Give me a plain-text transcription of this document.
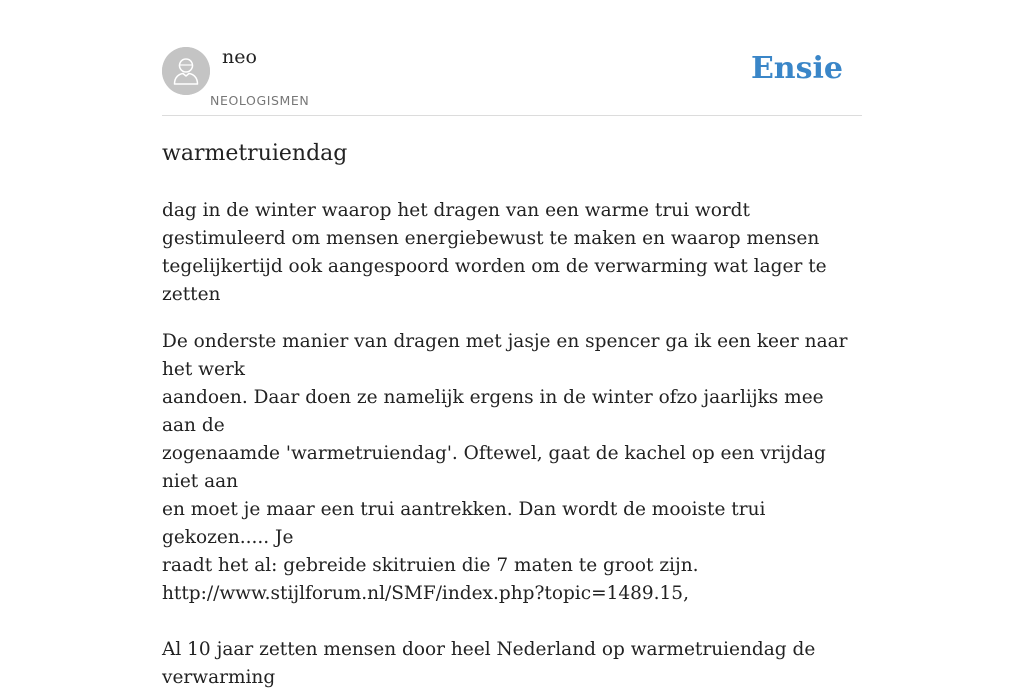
neo
NEOLOGISMEN
Ensie
warmetruiendag

dag in de winter waarop het dragen van een warme trui wordt gestimuleerd om mensen energiebewust te maken en waarop mensen tegelijkertijd ook aangespoord worden om de verwarming wat lager te zetten

De onderste manier van dragen met jasje en spencer ga ik een keer naar het werk

aandoen. Daar doen ze namelijk ergens in de winter ofzo jaarlijks mee aan de

zogenaamde 'warmetruiendag'. Oftewel, gaat de kachel op een vrijdag niet aan

en moet je maar een trui aantrekken. Dan wordt de mooiste trui gekozen..... Je

raadt het al: gebreide skitruien die 7 maten te groot zijn.

http://www.stijlforum.nl/SMF/index.php?topic=1489.15,

Al 10 jaar zetten mensen door heel Nederland op warmetruiendag de verwarming
